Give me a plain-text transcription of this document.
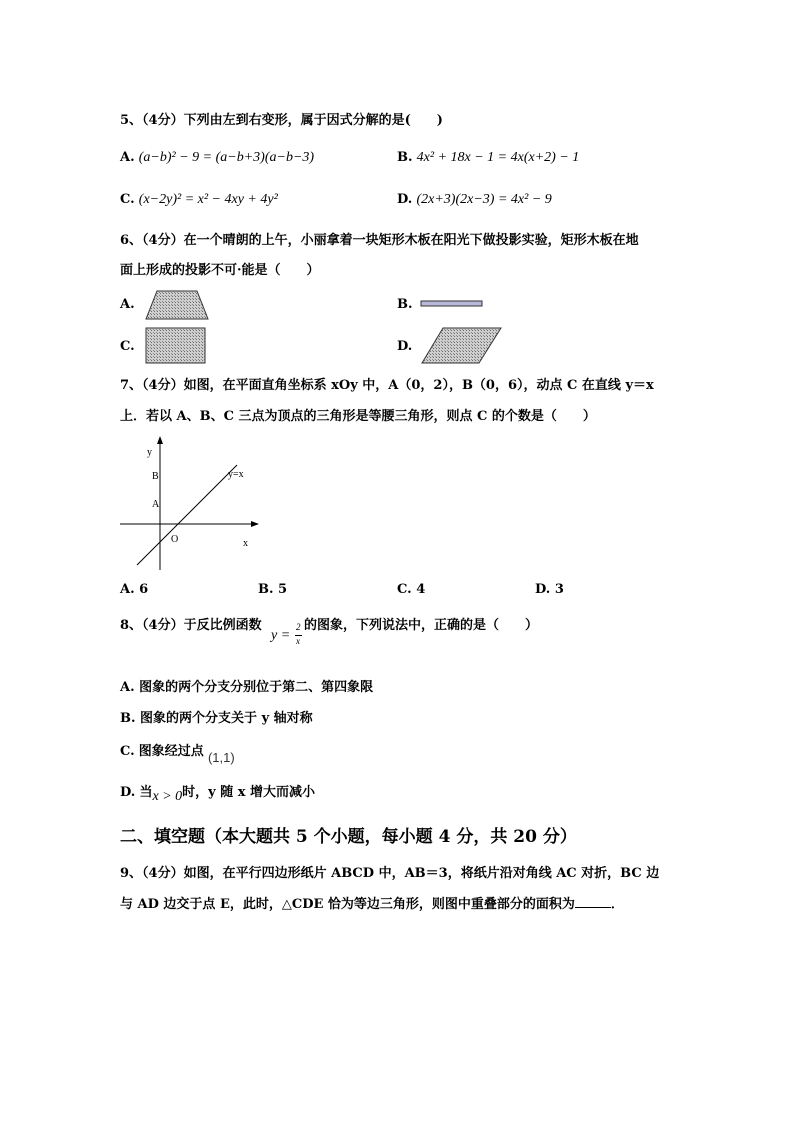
5、（4分）下列由左到右变形，属于因式分解的是(　　)
A. (a−b)² − 9 = (a−b+3)(a−b−3)	B. 4x² + 18x − 1 = 4x(x+2) − 1
C. (x−2y)² = x² − 4xy + 4y²	D. (2x+3)(2x−3) = 4x² − 9
6、（4分）在一个晴朗的上午，小丽拿着一块矩形木板在阳光下做投影实验，矩形木板在地
面上形成的投影不可·能是（　　）
A.	B.
C.	D.
7、（4分）如图，在平面直角坐标系 xOy 中，A（0，2），B（0，6），动点 C 在直线 y＝x
上．若以 A、B、C 三点为顶点的三角形是等腰三角形，则点 C 的个数是（　　）
y
B
A
O	x
y=x
A. 6	B. 5	C. 4	D. 3
8、（4分）于反比例函数
y =
2
x
的图象，下列说法中，正确的是（　　）
A. 图象的两个分支分别位于第二、第四象限
B. 图象的两个分支关于 y 轴对称
C. 图象经过点 (1,1)
D. 当x > 0时，y 随 x 增大而减小
二、填空题（本大题共 5 个小题，每小题 4 分，共 20 分）
9、（4分）如图，在平行四边形纸片 ABCD 中，AB＝3，将纸片沿对角线 AC 对折，BC 边
与 AD 边交于点 E，此时，△CDE 恰为等边三角形，则图中重叠部分的面积为	．
